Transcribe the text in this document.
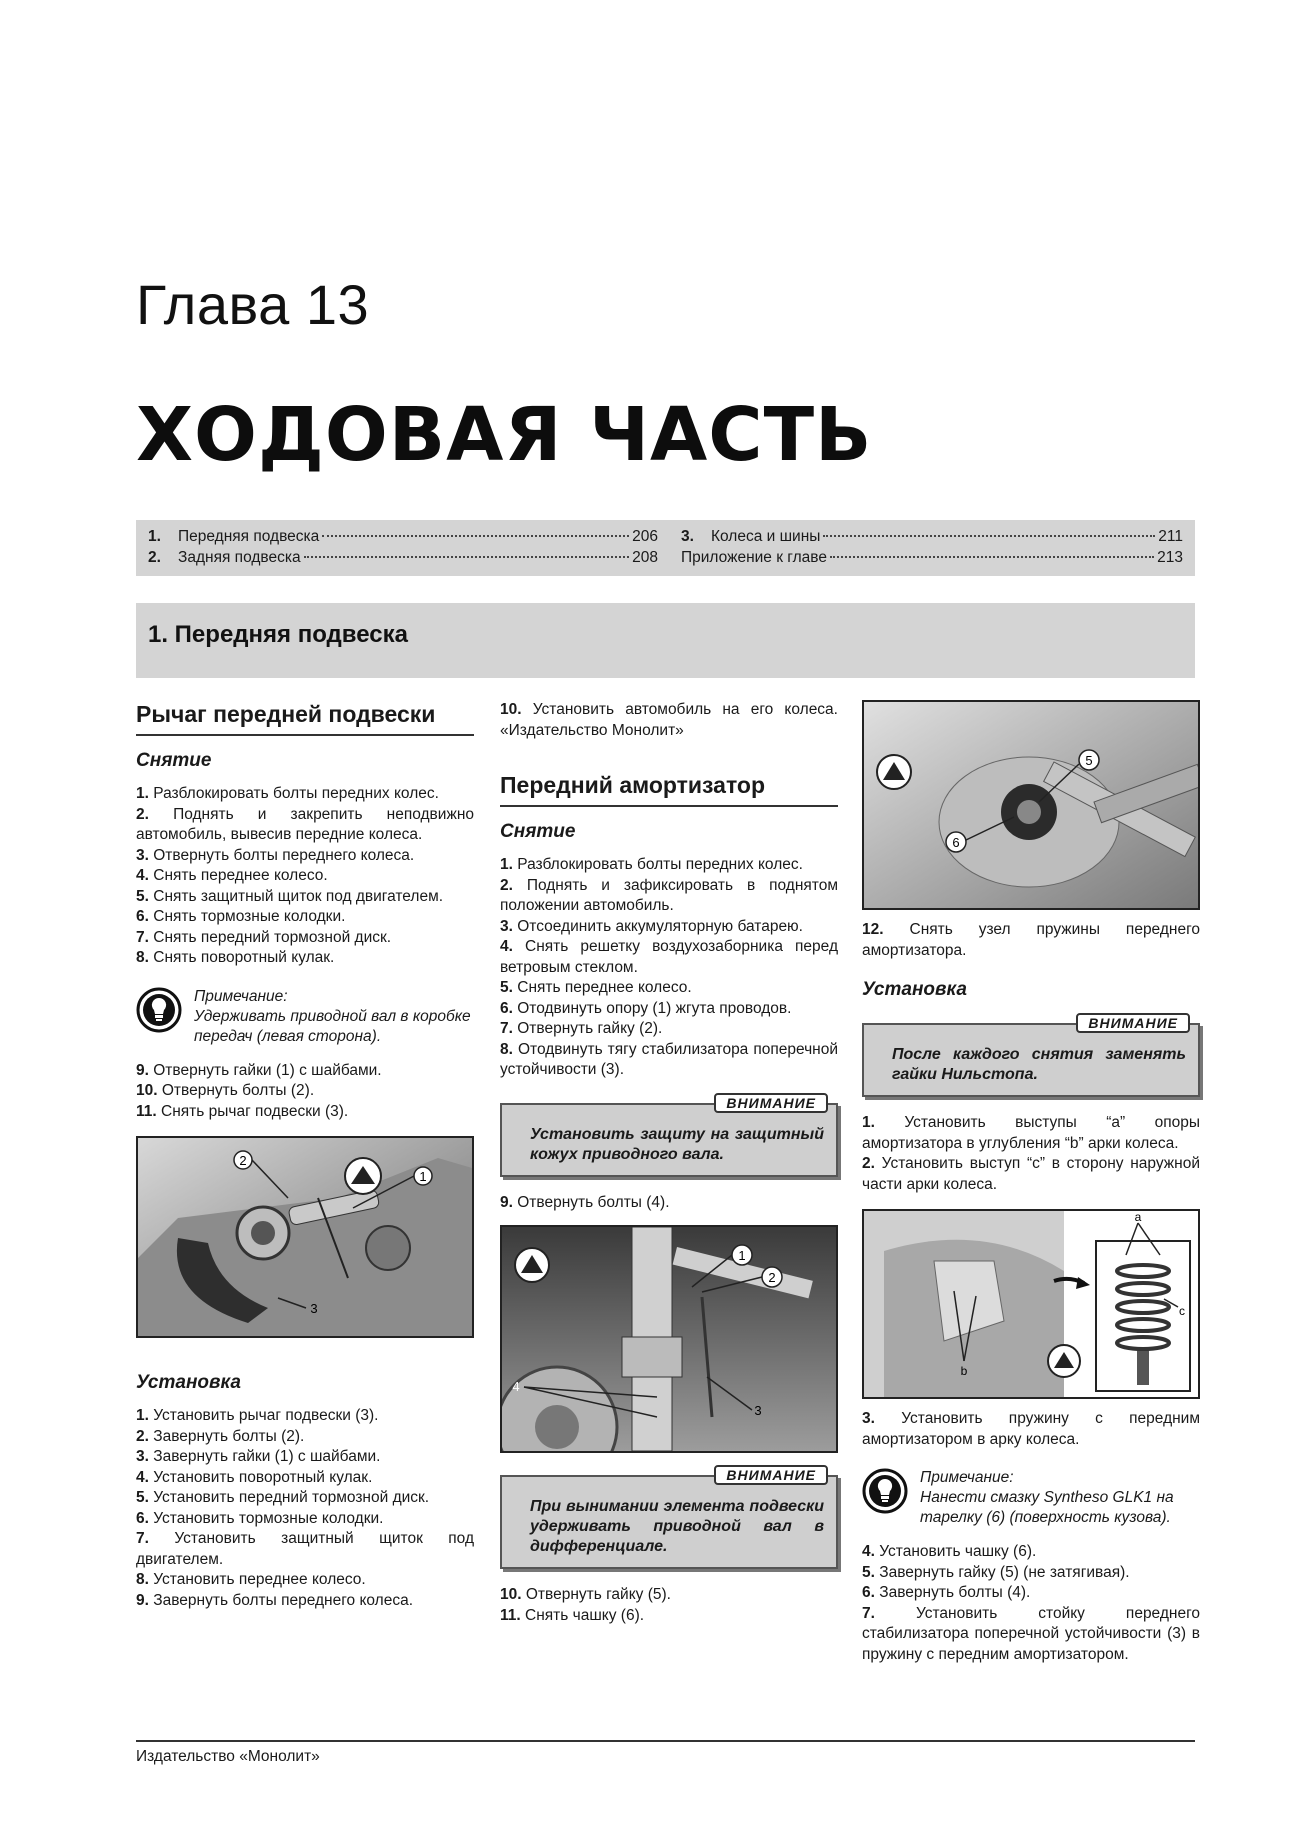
Глава 13
ХОДОВАЯ ЧАСТЬ
1.	Передняя подвеска	206
2.	Задняя подвеска	208
3.	Колеса и шины	211
Приложение к главе	213
1. Передняя подвеска
Рычаг передней подвески
Снятие
1. Разблокировать болты передних колес.
2. Поднять и закрепить неподвижно автомобиль, вывесив передние колеса.
3. Отвернуть болты переднего колеса.
4. Снять переднее колесо.
5. Снять защитный щиток под двигателем.
6. Снять тормозные колодки.
7. Снять передний тормозной диск.
8. Снять поворотный кулак.
Примечание:
Удерживать приводной вал в коробке передач (левая сторона).
9. Отвернуть гайки (1) с шайбами.
10. Отвернуть болты (2).
11. Снять рычаг подвески (3).
2
1
3
Установка
1. Установить рычаг подвески (3).
2. Завернуть болты (2).
3. Завернуть гайки (1) с шайбами.
4. Установить поворотный кулак.
5. Установить передний тормозной диск.
6. Установить тормозные колодки.
7. Установить защитный щиток под двигателем.
8. Установить переднее колесо.
9. Завернуть болты переднего колеса.
10. Установить автомобиль на его колеса. «Издательство Монолит»
Передний амортизатор
Снятие
1. Разблокировать болты передних колес.
2. Поднять и зафиксировать в поднятом положении автомобиль.
3. Отсоединить аккумуляторную батарею.
4. Снять решетку воздухозаборника перед ветровым стеклом.
5. Снять переднее колесо.
6. Отодвинуть опору (1) жгута проводов.
7. Отвернуть гайку (2).
8. Отодвинуть тягу стабилизатора поперечной устойчивости (3).
ВНИМАНИЕ
Установить защиту на защитный кожух приводного вала.
9. Отвернуть болты (4).
1
2
4
3
ВНИМАНИЕ
При вынимании элемента подвески удерживать приводной вал в дифференциале.
10. Отвернуть гайку (5).
11. Снять чашку (6).
5
6
12. Снять узел пружины переднего амортизатора.
Установка
ВНИМАНИЕ
После каждого снятия заменять гайки Нильстопа.
1. Установить выступы “a” опоры амортизатора в углубления “b” арки колеса.
2. Установить выступ “c” в сторону наружной части арки колеса.
a
b
c
3. Установить пружину с передним амортизатором в арку колеса.
Примечание:
Нанести смазку Syntheso GLK1 на тарелку (6) (поверхность кузова).
4. Установить чашку (6).
5. Завернуть гайку (5) (не затягивая).
6. Завернуть болты (4).
7.	Установить стойку переднего стабилизатора поперечной устойчивости (3) в пружину с передним амортизатором.
Издательство «Монолит»
